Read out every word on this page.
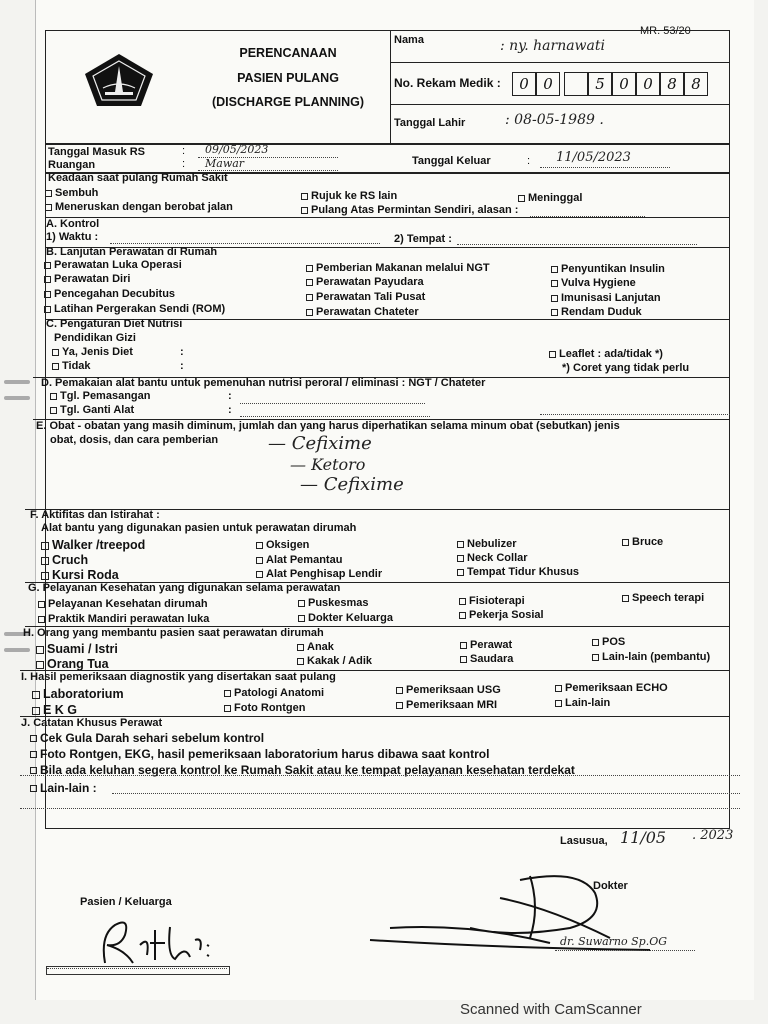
MR. 53/20
PERENCANAAN
PASIEN PULANG
(DISCHARGE PLANNING)
Nama	: ny. harnawati
No. Rekam Medik :	0 0	5 0 0 8 8
Tanggal Lahir	: 08-05-1989 .
Tanggal Masuk RS	: 09/05/2023
Ruangan	: Mawar	Tanggal Keluar	: 11/05/2023
Keadaan saat pulang Rumah Sakit
Sembuh
Meneruskan dengan berobat jalan
Rujuk ke RS lain
Pulang Atas Permintan Sendiri, alasan :
Meninggal
A. Kontrol
1) Waktu :	2) Tempat :
B. Lanjutan Perawatan di Rumah
Perawatan Luka Operasi
Perawatan Diri
Pencegahan Decubitus
Latihan Pergerakan Sendi (ROM)
Pemberian Makanan melalui NGT
Perawatan Payudara
Perawatan Tali Pusat
Perawatan Chateter
Penyuntikan Insulin
Vulva Hygiene
Imunisasi Lanjutan
Rendam Duduk
C. Pengaturan Diet Nutrisi
Pendidikan Gizi
Ya, Jenis Diet	:
Tidak	:
Leaflet : ada/tidak *)
*) Coret yang tidak perlu
D. Pemakaian alat bantu untuk pemenuhan nutrisi peroral / eliminasi : NGT / Chateter
Tgl. Pemasangan	:
Tgl. Ganti Alat	:
E. Obat - obatan yang masih diminum, jumlah dan yang harus diperhatikan selama minum obat (sebutkan) jenis
obat, dosis, dan cara pemberian	— Cefixime
— Ketoro
— Cefixime
F. Aktifitas dan Istirahat :
Alat bantu yang digunakan pasien untuk perawatan dirumah
Walker /treepod
Cruch
Kursi Roda
Oksigen
Alat Pemantau
Alat Penghisap Lendir
Nebulizer
Neck Collar
Tempat Tidur Khusus
Bruce
G. Pelayanan Kesehatan yang digunakan selama perawatan
Pelayanan Kesehatan dirumah
Praktik Mandiri perawatan luka
Puskesmas
Dokter Keluarga
Fisioterapi
Pekerja Sosial
Speech terapi
H. Orang yang membantu pasien saat perawatan dirumah
Suami / Istri
Orang Tua
Anak
Kakak / Adik
Perawat
Saudara
POS
Lain-lain (pembantu)
I. Hasil pemeriksaan diagnostik yang disertakan saat pulang
Laboratorium
E K G
Patologi Anatomi
Foto Rontgen
Pemeriksaan USG
Pemeriksaan MRI
Pemeriksaan ECHO
Lain-lain
J. Catatan Khusus Perawat
Cek Gula Darah sehari sebelum kontrol
Foto Rontgen, EKG, hasil pemeriksaan laboratorium harus dibawa saat kontrol
Bila ada keluhan segera kontrol ke Rumah Sakit atau ke tempat pelayanan kesehatan terdekat
Lain-lain :
Lasusua, 11/05 . 2023
Dokter
dr. Suwarno Sp.OG
Pasien / Keluarga
Scanned with CamScanner
